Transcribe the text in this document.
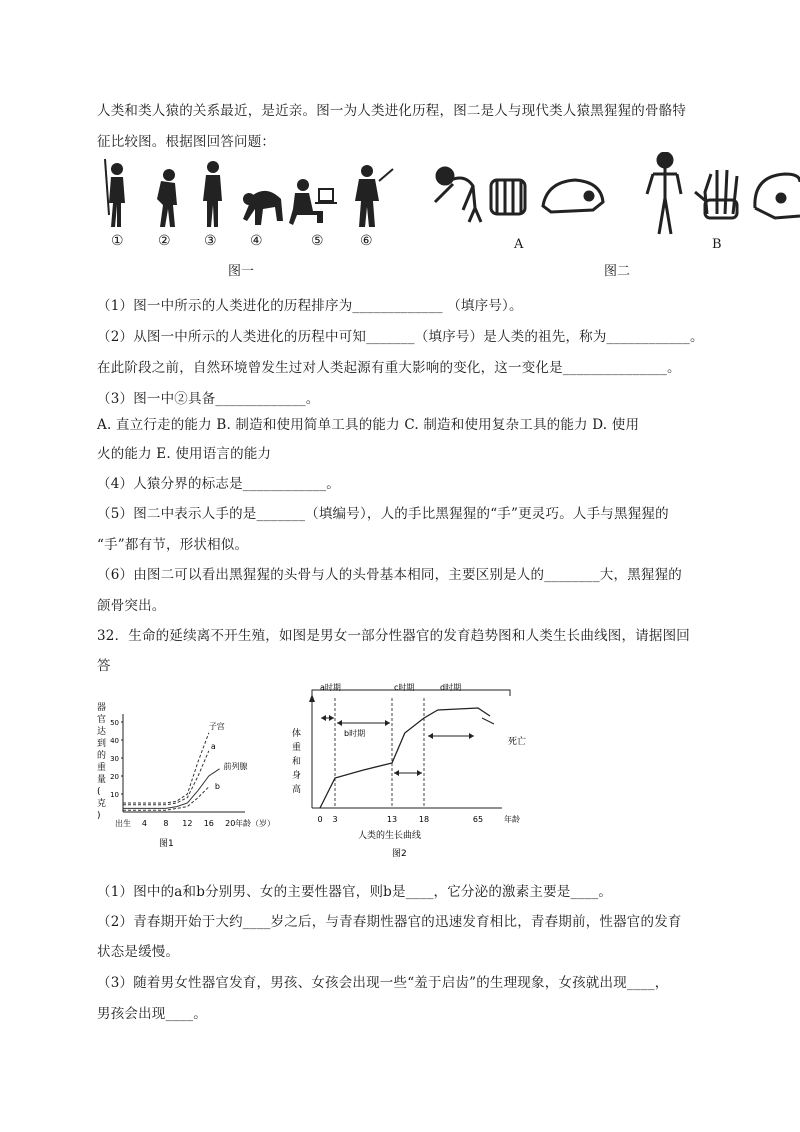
人类和类人猿的关系最近，是近亲。图一为人类进化历程，图二是人与现代类人猿黑猩猩的骨骼特
征比较图。根据图回答问题：
① ② ③ ④	⑤	⑥
图一
A	B
图二
（1）图一中所示的人类进化的历程排序为_____________ （填序号）。
（2）从图一中所示的人类进化的历程中可知_______（填序号）是人类的祖先，称为____________。
在此阶段之前，自然环境曾发生过对人类起源有重大影响的变化，这一变化是_______________。
（3）图一中②具备_____________。
A. 直立行走的能力 B. 制造和使用简单工具的能力 C. 制造和使用复杂工具的能力 D. 使用
火的能力 E. 使用语言的能力
（4）人猿分界的标志是____________。
（5）图二中表示人手的是_______（填编号），人的手比黑猩猩的“手”更灵巧。人手与黑猩猩的
“手”都有节，形状相似。
（6）由图二可以看出黑猩猩的头骨与人的头骨基本相同，主要区别是人的________大，黑猩猩的
颌骨突出。
32．生命的延续离不开生殖，如图是男女一部分性器官的发育趋势图和人类生长曲线图，请据图回
答
器
官
达
到
的
重
量
(
克
)
10
20
30
40
50
出生 4 8 12 16 20 年龄（岁）
图1
子宫
a
前列腺
b
体
重
和
身
高
0 3	13	18	65	年龄
人类的生长曲线
图2
a时期
b时期
c时期	d时期
死亡
（1）图中的a和b分别男、女的主要性器官，则b是____，它分泌的激素主要是____。
（2）青春期开始于大约____岁之后，与青春期性器官的迅速发育相比，青春期前，性器官的发育
状态是缓慢。
（3）随着男女性器官发育，男孩、女孩会出现一些“羞于启齿”的生理现象，女孩就出现____，
男孩会出现____。
